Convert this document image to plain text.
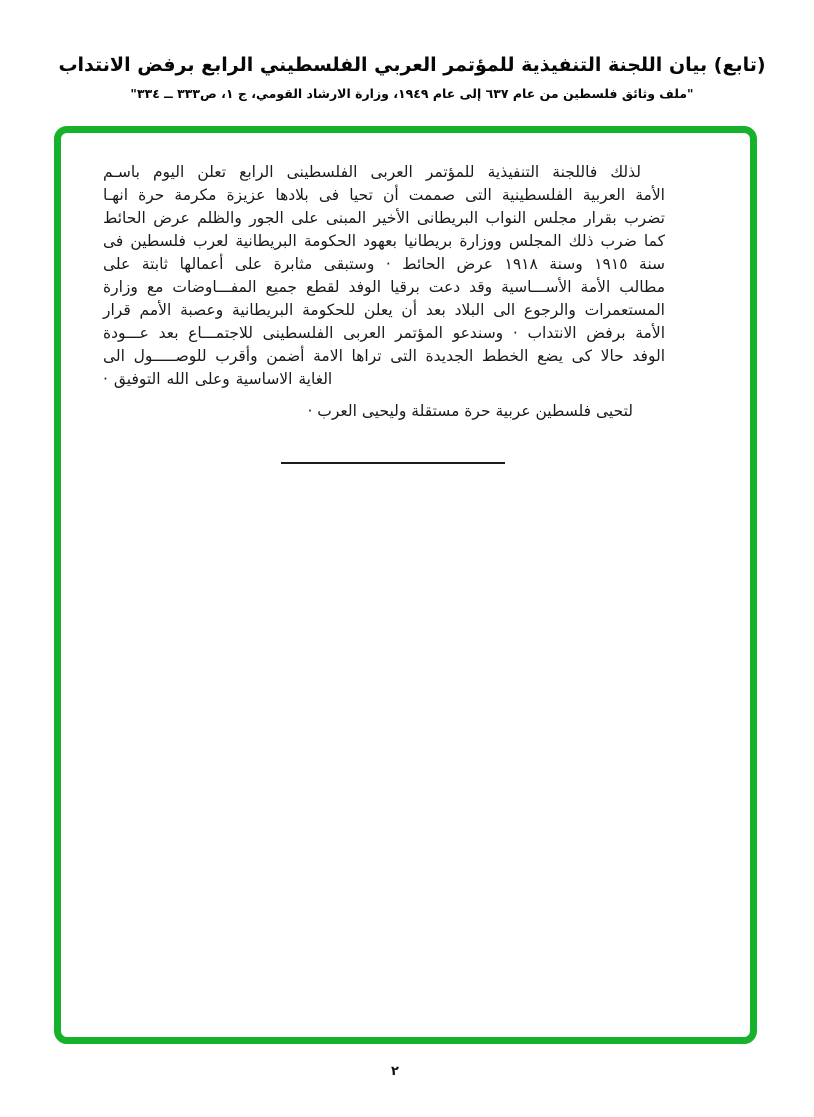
(تابع) بيان اللجنة التنفيذية للمؤتمر العربي الفلسطيني الرابع برفض الانتداب
"ملف وثائق فلسطين من عام ٦٣٧ إلى عام ١٩٤٩، وزارة الارشاد القومي، ج ١، ص٣٣٣ ــ ٣٣٤"
لذلك فاللجنة التنفيذية للمؤتمر العربى الفلسطينى الرابع تعلن اليوم باسـم
الأمة العربية الفلسطينية التى صممت أن تحيا فى بلادها عزيزة مكرمة حرة انهـا
تضرب بقرار مجلس النواب البريطانى الأخير المبنى على الجور والظلم عرض الحائط
كما ضرب ذلك المجلس ووزارة بريطانيا بعهود الحكومة البريطانية لعرب فلسطين فى
سنة ١٩١٥ وسنة ١٩١٨ عرض الحائط · وستبقى مثابرة على أعمالها ثابتة على
مطالب الأمة الأســـاسية وقد دعت برقيا الوفد لقطع جميع المفـــاوضات مع وزارة
المستعمرات والرجوع الى البلاد بعد أن يعلن للحكومة البريطانية وعصبة الأمم قرار
الأمة برفض الانتداب · وسندعو المؤتمر العربى الفلسطينى للاجتمـــاع بعد عـــودة
الوفد حالا كى يضع الخطط الجديدة التى تراها الامة أضمن وأقرب للوصـــــول الى
الغاية الاساسية وعلى الله التوفيق ·
لتحيى فلسطين عربية حرة مستقلة وليحيى العرب ·
٢
